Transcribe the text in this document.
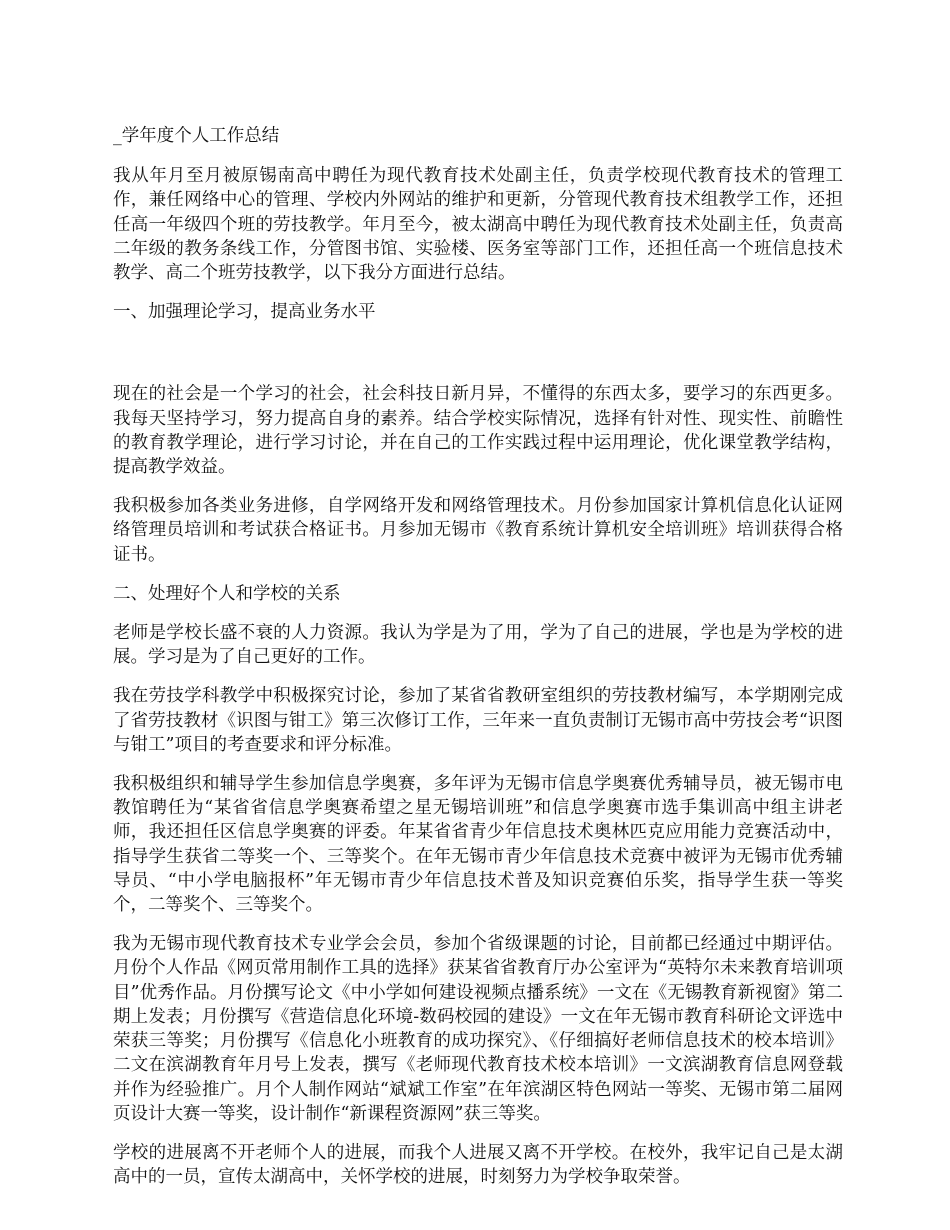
_学年度个人工作总结

我从年月至月被原锡南高中聘任为现代教育技术处副主任，负责学校现代教育技术的管理工作，兼任网络中心的管理、学校内外网站的维护和更新，分管现代教育技术组教学工作，还担任高一年级四个班的劳技教学。年月至今，被太湖高中聘任为现代教育技术处副主任，负责高二年级的教务条线工作，分管图书馆、实验楼、医务室等部门工作，还担任高一个班信息技术教学、高二个班劳技教学，以下我分方面进行总结。

一、加强理论学习，提高业务水平

现在的社会是一个学习的社会，社会科技日新月异，不懂得的东西太多，要学习的东西更多。我每天坚持学习，努力提高自身的素养。结合学校实际情况，选择有针对性、现实性、前瞻性的教育教学理论，进行学习讨论，并在自己的工作实践过程中运用理论，优化课堂教学结构，提高教学效益。

我积极参加各类业务进修，自学网络开发和网络管理技术。月份参加国家计算机信息化认证网络管理员培训和考试获合格证书。月参加无锡市《教育系统计算机安全培训班》培训获得合格证书。

二、处理好个人和学校的关系

老师是学校长盛不衰的人力资源。我认为学是为了用，学为了自己的进展，学也是为学校的进展。学习是为了自己更好的工作。

我在劳技学科教学中积极探究讨论，参加了某省省教研室组织的劳技教材编写，本学期刚完成了省劳技教材《识图与钳工》第三次修订工作，三年来一直负责制订无锡市高中劳技会考“识图与钳工”项目的考查要求和评分标准。

我积极组织和辅导学生参加信息学奥赛，多年评为无锡市信息学奥赛优秀辅导员，被无锡市电教馆聘任为“某省省信息学奥赛希望之星无锡培训班”和信息学奥赛市选手集训高中组主讲老师，我还担任区信息学奥赛的评委。年某省省青少年信息技术奥林匹克应用能力竞赛活动中，指导学生获省二等奖一个、三等奖个。在年无锡市青少年信息技术竞赛中被评为无锡市优秀辅导员、“中小学电脑报杯”年无锡市青少年信息技术普及知识竞赛伯乐奖，指导学生获一等奖个，二等奖个、三等奖个。

我为无锡市现代教育技术专业学会会员，参加个省级课题的讨论，目前都已经通过中期评估。月份个人作品《网页常用制作工具的选择》获某省省教育厅办公室评为“英特尔未来教育培训项目”优秀作品。月份撰写论文《中小学如何建设视频点播系统》一文在《无锡教育新视窗》第二期上发表；月份撰写《营造信息化环境-数码校园的建设》一文在年无锡市教育科研论文评选中荣获三等奖；月份撰写《信息化小班教育的成功探究》、《仔细搞好老师信息技术的校本培训》二文在滨湖教育年月号上发表，撰写《老师现代教育技术校本培训》一文滨湖教育信息网登载并作为经验推广。月个人制作网站“斌斌工作室”在年滨湖区特色网站一等奖、无锡市第二届网页设计大赛一等奖，设计制作“新课程资源网”获三等奖。

学校的进展离不开老师个人的进展，而我个人进展又离不开学校。在校外，我牢记自己是太湖高中的一员，宣传太湖高中，关怀学校的进展，时刻努力为学校争取荣誉。
